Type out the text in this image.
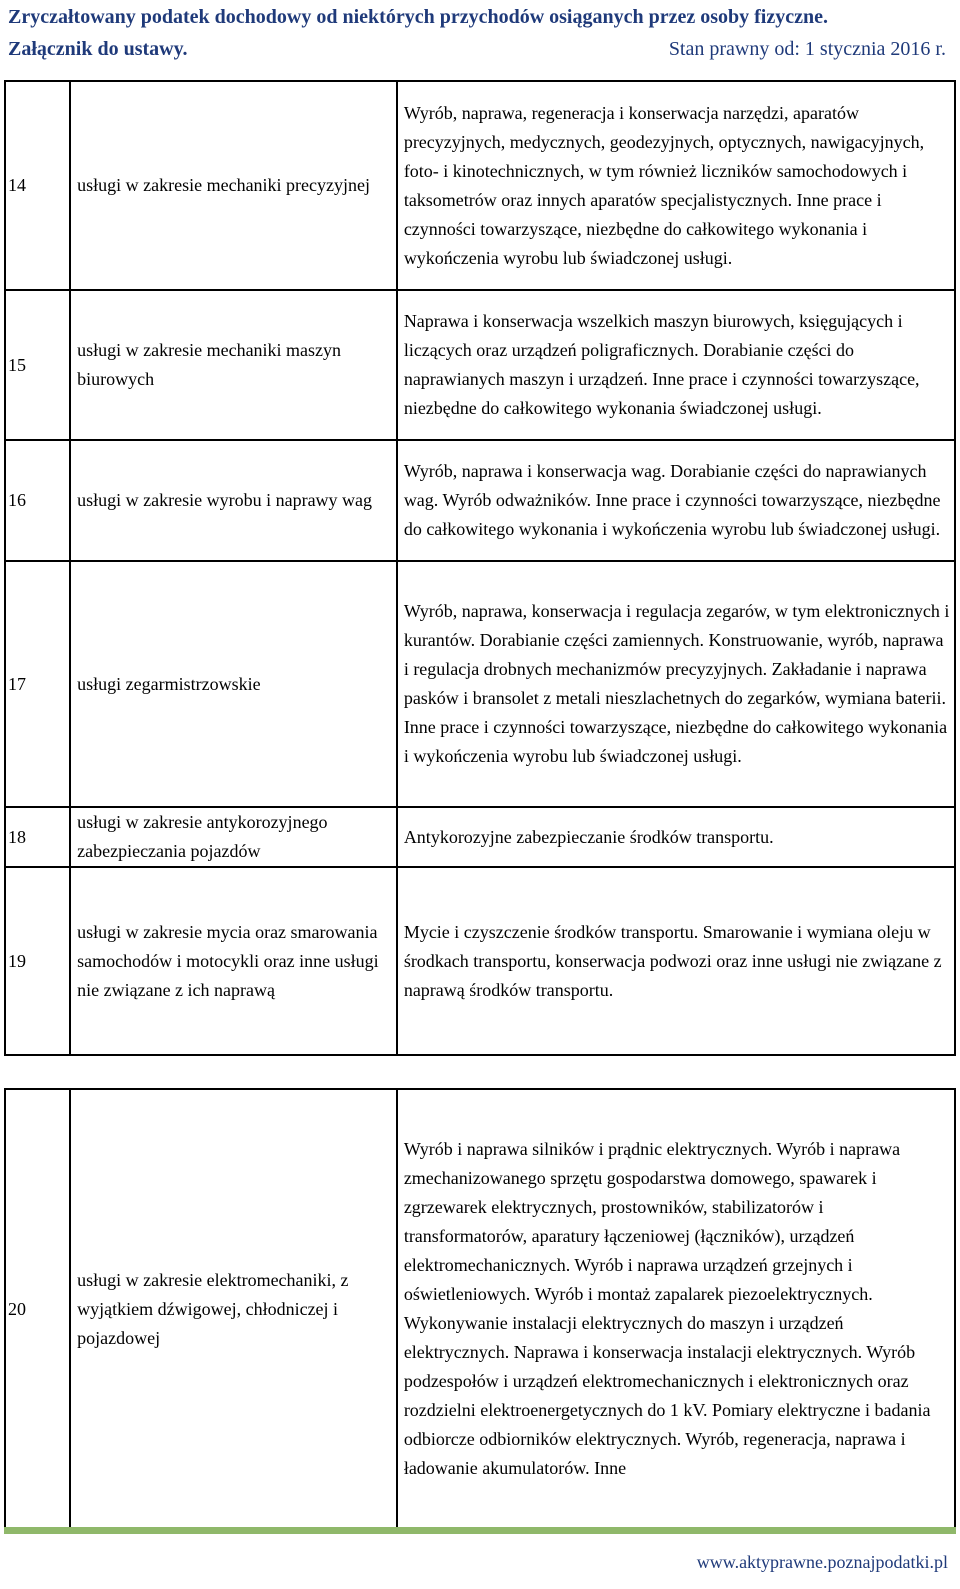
Zryczałtowany podatek dochodowy od niektórych przychodów osiąganych przez osoby fizyczne.
Załącznik do ustawy.	Stan prawny od: 1 stycznia 2016 r.
14	usługi w zakresie mechaniki precyzyjnej	Wyrób, naprawa, regeneracja i konserwacja narzędzi, aparatów precyzyjnych, medycznych, geodezyjnych, optycznych, nawigacyjnych, foto- i kinotechnicznych, w tym również liczników samochodowych i taksometrów oraz innych aparatów specjalistycznych. Inne prace i czynności towarzyszące, niezbędne do całkowitego wykonania i wykończenia wyrobu lub świadczonej usługi.
15	usługi w zakresie mechaniki maszyn biurowych	Naprawa i konserwacja wszelkich maszyn biurowych, księgujących i liczących oraz urządzeń poligraficznych. Dorabianie części do naprawianych maszyn i urządzeń. Inne prace i czynności towarzyszące, niezbędne do całkowitego wykonania świadczonej usługi.
16	usługi w zakresie wyrobu i naprawy wag	Wyrób, naprawa i konserwacja wag. Dorabianie części do naprawianych wag. Wyrób odważników. Inne prace i czynności towarzyszące, niezbędne do całkowitego wykonania i wykończenia wyrobu lub świadczonej usługi.
17	usługi zegarmistrzowskie	Wyrób, naprawa, konserwacja i regulacja zegarów, w tym elektronicznych i kurantów. Dorabianie części zamiennych. Konstruowanie, wyrób, naprawa i regulacja drobnych mechanizmów precyzyjnych. Zakładanie i naprawa pasków i bransolet z metali nieszlachetnych do zegarków, wymiana baterii. Inne prace i czynności towarzyszące, niezbędne do całkowitego wykonania i wykończenia wyrobu lub świadczonej usługi.
18	usługi w zakresie antykorozyjnego zabezpieczania pojazdów	Antykorozyjne zabezpieczanie środków transportu.
19	usługi w zakresie mycia oraz smarowania samochodów i motocykli oraz inne usługi nie związane z ich naprawą	Mycie i czyszczenie środków transportu. Smarowanie i wymiana oleju w środkach transportu, konserwacja podwozi oraz inne usługi nie związane z naprawą środków transportu.
20	usługi w zakresie elektromechaniki, z wyjątkiem dźwigowej, chłodniczej i pojazdowej	Wyrób i naprawa silników i prądnic elektrycznych. Wyrób i naprawa zmechanizowanego sprzętu gospodarstwa domowego, spawarek i zgrzewarek elektrycznych, prostowników, stabilizatorów i transformatorów, aparatury łączeniowej (łączników), urządzeń elektromechanicznych. Wyrób i naprawa urządzeń grzejnych i oświetleniowych. Wyrób i montaż zapalarek piezoelektrycznych. Wykonywanie instalacji elektrycznych do maszyn i urządzeń elektrycznych. Naprawa i konserwacja instalacji elektrycznych. Wyrób podzespołów i urządzeń elektromechanicznych i elektronicznych oraz rozdzielni elektroenergetycznych do 1 kV. Pomiary elektryczne i badania odbiorcze odbiorników elektrycznych. Wyrób, regeneracja, naprawa i ładowanie akumulatorów. Inne
www.aktyprawne.poznajpodatki.pl
